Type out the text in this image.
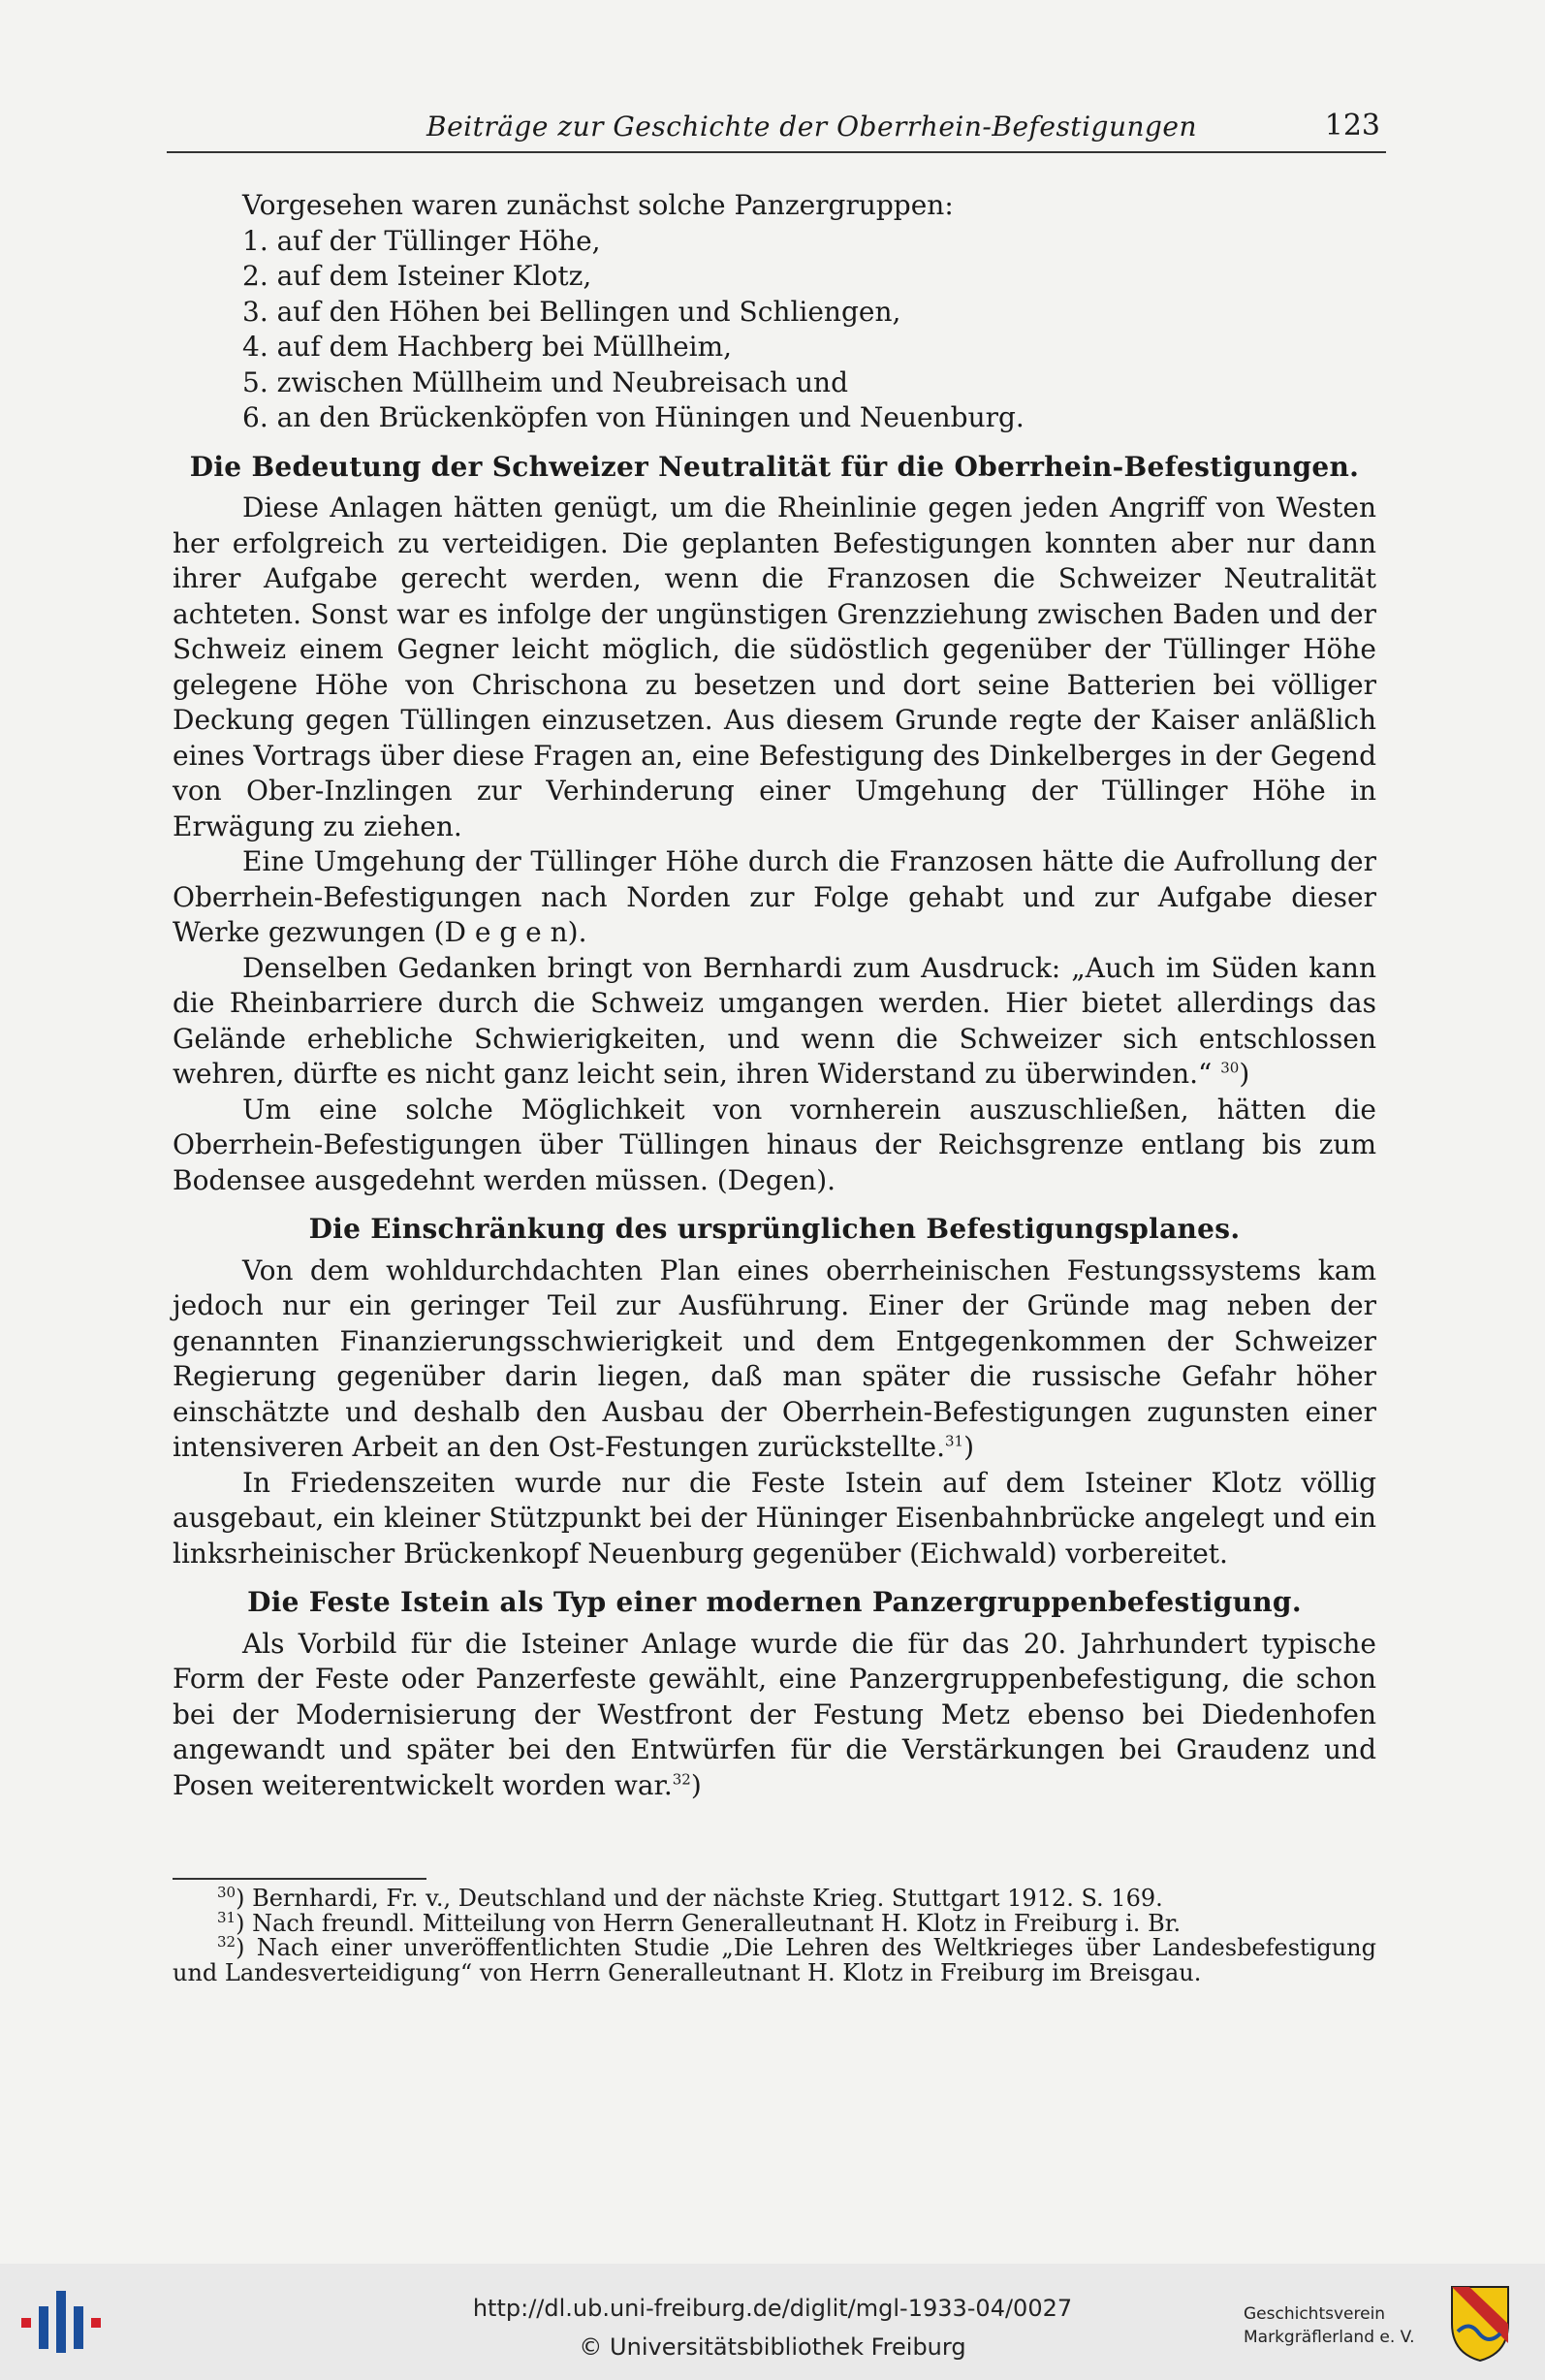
Beiträge zur Geschichte der Oberrhein-Befestigungen	123

Vorgesehen waren zunächst solche Panzergruppen:

1. auf der Tüllinger Höhe,
2. auf dem Isteiner Klotz,
3. auf den Höhen bei Bellingen und Schliengen,
4. auf dem Hachberg bei Müllheim,
5. zwischen Müllheim und Neubreisach und
6. an den Brückenköpfen von Hüningen und Neuenburg.
Die Bedeutung der Schweizer Neutralität für die Oberrhein-Befestigungen.

Diese Anlagen hätten genügt, um die Rheinlinie gegen jeden Angriff von Westen her erfolgreich zu verteidigen. Die geplanten Befestigungen konnten aber nur dann ihrer Aufgabe gerecht werden, wenn die Franzosen die Schweizer Neutralität achteten. Sonst war es infolge der ungünstigen Grenzziehung zwischen Baden und der Schweiz einem Gegner leicht möglich, die südöstlich gegenüber der Tüllinger Höhe gelegene Höhe von Chrischona zu besetzen und dort seine Batterien bei völliger Deckung gegen Tüllingen einzusetzen. Aus diesem Grunde regte der Kaiser anläßlich eines Vortrags über diese Fragen an, eine Befestigung des Dinkelberges in der Gegend von Ober-Inzlingen zur Verhinderung einer Umgehung der Tüllinger Höhe in Erwägung zu ziehen.

Eine Umgehung der Tüllinger Höhe durch die Franzosen hätte die Aufrollung der Oberrhein-Befestigungen nach Norden zur Folge gehabt und zur Aufgabe dieser Werke gezwungen (D e g e n).

Denselben Gedanken bringt von Bernhardi zum Ausdruck: „Auch im Süden kann die Rheinbarriere durch die Schweiz umgangen werden. Hier bietet allerdings das Gelände erhebliche Schwierigkeiten, und wenn die Schweizer sich entschlossen wehren, dürfte es nicht ganz leicht sein, ihren Widerstand zu überwinden.“ $^{30}$)

Um eine solche Möglichkeit von vornherein auszuschließen, hätten die Oberrhein-Befestigungen über Tüllingen hinaus der Reichsgrenze entlang bis zum Bodensee ausgedehnt werden müssen. (Degen).

Die Einschränkung des ursprünglichen Befestigungsplanes.

Von dem wohldurchdachten Plan eines oberrheinischen Festungssystems kam jedoch nur ein geringer Teil zur Ausführung. Einer der Gründe mag neben der genannten Finanzierungsschwierigkeit und dem Entgegenkommen der Schweizer Regierung gegenüber darin liegen, daß man später die russische Gefahr höher einschätzte und deshalb den Ausbau der Oberrhein-Befestigungen zugunsten einer intensiveren Arbeit an den Ost-Festungen zurückstellte.$^{31}$)

In Friedenszeiten wurde nur die Feste Istein auf dem Isteiner Klotz völlig ausgebaut, ein kleiner Stützpunkt bei der Hüninger Eisenbahnbrücke angelegt und ein linksrheinischer Brückenkopf Neuenburg gegenüber (Eichwald) vorbereitet.

Die Feste Istein als Typ einer modernen Panzergruppenbefestigung.

Als Vorbild für die Isteiner Anlage wurde die für das 20. Jahrhundert typische Form der Feste oder Panzerfeste gewählt, eine Panzergruppenbefestigung, die schon bei der Modernisierung der Westfront der Festung Metz ebenso bei Diedenhofen angewandt und später bei den Entwürfen für die Verstärkungen bei Graudenz und Posen weiterentwickelt worden war.$^{32}$)

$^{30}$) Bernhardi, Fr. v., Deutschland und der nächste Krieg. Stuttgart 1912. S. 169.

$^{31}$) Nach freundl. Mitteilung von Herrn Generalleutnant H. Klotz in Freiburg i. Br.

$^{32}$) Nach einer unveröffentlichten Studie „Die Lehren des Weltkrieges über Landesbefestigung und Landesverteidigung“ von Herrn Generalleutnant H. Klotz in Freiburg im Breisgau.

http://dl.ub.uni-freiburg.de/diglit/mgl-1933-04/0027
© Universitätsbibliothek Freiburg
Geschichtsverein
Markgräflerland e. V.
